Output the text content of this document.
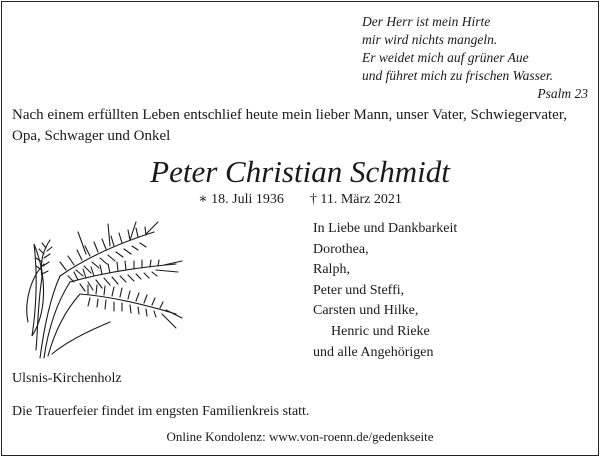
Der Herr ist mein Hirte
mir wird nichts mangeln.
Er weidet mich auf grüner Aue
und führet mich zu frischen Wasser.
Psalm 23
Nach einem erfüllten Leben entschlief heute mein lieber Mann, unser Vater, Schwiegervater, Opa, Schwager und Onkel
Peter Christian Schmidt
∗ 18. Juli 1936 † 11. März 2021
In Liebe und Dankbarkeit
Dorothea,
Ralph,
Peter und Steffi,
Carsten und Hilke,
Henric und Rieke
und alle Angehörigen
Ulsnis-Kirchenholz
Die Trauerfeier findet im engsten Familienkreis statt.
Online Kondolenz: www.von-roenn.de/gedenkseite
